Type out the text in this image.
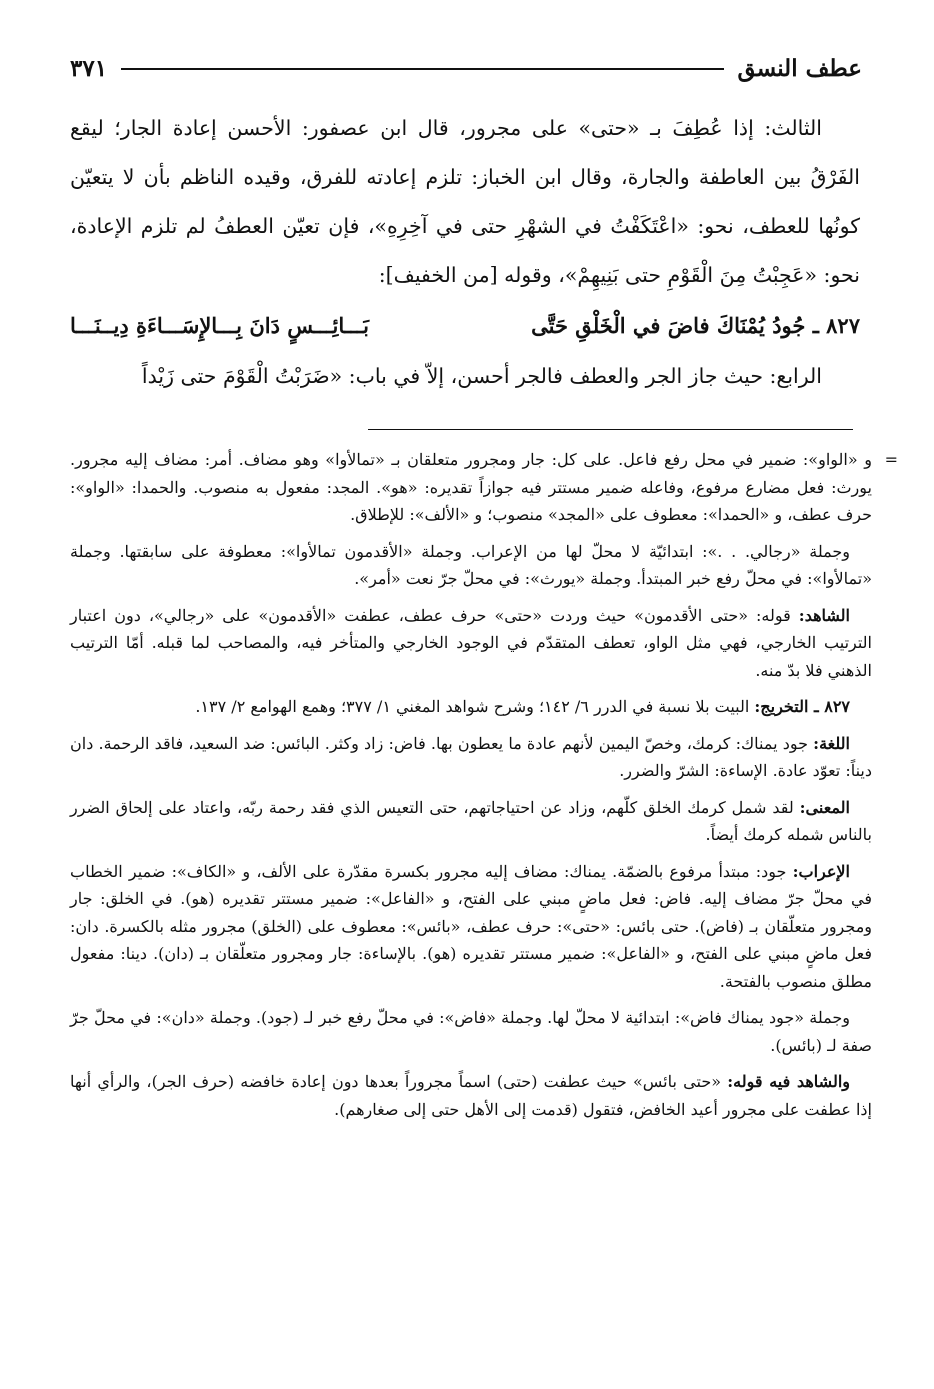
عطف النسق
٣٧١

الثالث: إذا عُطِفَ بـ «حتى» على مجرور، قال ابن عصفور: الأحسن إعادة الجار؛ ليقع الفَرْقُ بين العاطفة والجارة، وقال ابن الخباز: تلزم إعادته للفرق، وقيده الناظم بأن لا يتعيّن كونُها للعطف، نحو: «اعْتَكَفْتُ في الشهْرِ حتى في آخِرِهِ»، فإن تعيّن العطفُ لم تلزم الإعادة، نحو: «عَجِبْتُ مِنَ الْقَوْمِ حتى بَنِيهِمْ»، وقوله [من الخفيف]:

٨٢٧ ـ جُودُ يُمْنَاكَ فاضَ في الْخَلْقِ حَتَّى
بَـــائِـــسٍ دَانَ بِـــالإِسَـــاءَةِ دِيــنَـــا

الرابع: حيث جاز الجر والعطف فالجر أحسن، إلاّ في باب: «ضَرَبْتُ الْقَوْمَ حتى زَيْداً

=

و «الواو»: ضمير في محل رفع فاعل. على كل: جار ومجرور متعلقان بـ «تمالأوا» وهو مضاف. أمر: مضاف إليه مجرور. يورث: فعل مضارع مرفوع، وفاعله ضمير مستتر فيه جوازاً تقديره: «هو». المجد: مفعول به منصوب. والحمدا: «الواو»: حرف عطف، و «الحمدا»: معطوف على «المجد» منصوب؛ و «الألف»: للإطلاق.

وجملة «رجالي. . .»: ابتدائيّة لا محلّ لها من الإعراب. وجملة «الأقدمون تمالأوا»: معطوفة على سابقتها. وجملة «تمالأوا»: في محلّ رفع خبر المبتدأ. وجملة «يورث»: في محلّ جرّ نعت «أمر».

الشاهد: قوله: «حتى الأقدمون» حيث وردت «حتى» حرف عطف، عطفت «الأقدمون» على «رجالي»، دون اعتبار الترتيب الخارجي، فهي مثل الواو، تعطف المتقدّم في الوجود الخارجي والمتأخر فيه، والمصاحب لما قبله. أمّا الترتيب الذهني فلا بدّ منه.

٨٢٧ ـ التخريج: البيت بلا نسبة في الدرر ٦/ ١٤٢؛ وشرح شواهد المغني ١/ ٣٧٧؛ وهمع الهوامع ٢/ ١٣٧.

اللغة: جود يمناك: كرمك، وخصّ اليمين لأنهم عادة ما يعطون بها. فاض: زاد وكثر. البائس: ضد السعيد، فاقد الرحمة. دان ديناً: تعوّد عادة. الإساءة: الشرّ والضرر.

المعنى: لقد شمل كرمك الخلق كلّهم، وزاد عن احتياجاتهم، حتى التعيس الذي فقد رحمة ربّه، واعتاد على إلحاق الضرر بالناس شمله كرمك أيضاً.

الإعراب: جود: مبتدأ مرفوع بالضمّة. يمناك: مضاف إليه مجرور بكسرة مقدّرة على الألف، و «الكاف»: ضمير الخطاب في محلّ جرّ مضاف إليه. فاض: فعل ماضٍ مبني على الفتح، و «الفاعل»: ضمير مستتر تقديره (هو). في الخلق: جار ومجرور متعلّقان بـ (فاض). حتى بائس: «حتى»: حرف عطف، «بائس»: معطوف على (الخلق) مجرور مثله بالكسرة. دان: فعل ماضٍ مبني على الفتح، و «الفاعل»: ضمير مستتر تقديره (هو). بالإساءة: جار ومجرور متعلّقان بـ (دان). دينا: مفعول مطلق منصوب بالفتحة.

وجملة «جود يمناك فاض»: ابتدائية لا محلّ لها. وجملة «فاض»: في محلّ رفع خبر لـ (جود). وجملة «دان»: في محلّ جرّ صفة لـ (بائس).

والشاهد فيه قوله: «حتى بائس» حيث عطفت (حتى) اسماً مجروراً بعدها دون إعادة خافضه (حرف الجر)، والرأي أنها إذا عطفت على مجرور أعيد الخافض، فتقول (قدمت إلى الأهل حتى إلى صغارهم).
